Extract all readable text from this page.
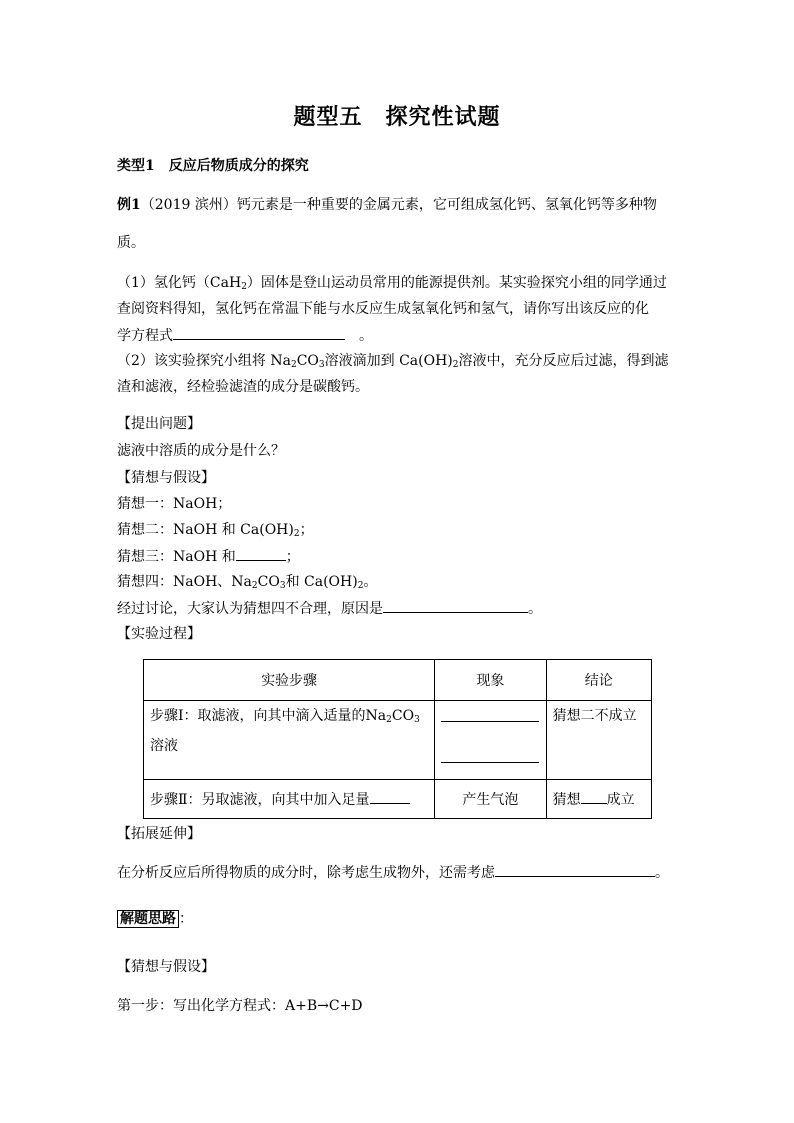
题型五　探究性试题
类型1　反应后物质成分的探究
例1（2019 滨州）钙元素是一种重要的金属元素，它可组成氢化钙、氢氧化钙等多种物
质。
（1）氢化钙（CaH$_2$）固体是登山运动员常用的能源提供剂。某实验探究小组的同学通过
查阅资料得知，氢化钙在常温下能与水反应生成氢氧化钙和氢气，请你写出该反应的化
学方程式　	。
（2）该实验探究小组将 $Na_2CO_3$溶液滴加到 $Ca(OH)_2$溶液中，充分反应后过滤，得到滤
渣和滤液，经检验滤渣的成分是碳酸钙。
【提出问题】
滤液中溶质的成分是什么？
【猜想与假设】
猜想一：NaOH；
猜想二：NaOH 和 $Ca(OH)_2$；
猜想三：NaOH 和	；
猜想四：NaOH、$Na_2CO_3$和 $Ca(OH)_2$。
经过讨论，大家认为猜想四不合理，原因是	。
【实验过程】
实验步骤	现象	结论

步骤Ⅰ：取滤液，向其中滴入适量的$Na_2CO_3$
溶液		猜想二不成立

步骤Ⅱ：另取滤液，向其中加入足量	产生气泡	猜想 成立
【拓展延伸】
在分析反应后所得物质的成分时，除考虑生成物外，还需考虑	。
解题思路 ：
【猜想与假设】
第一步：写出化学方程式：A+B→C+D
